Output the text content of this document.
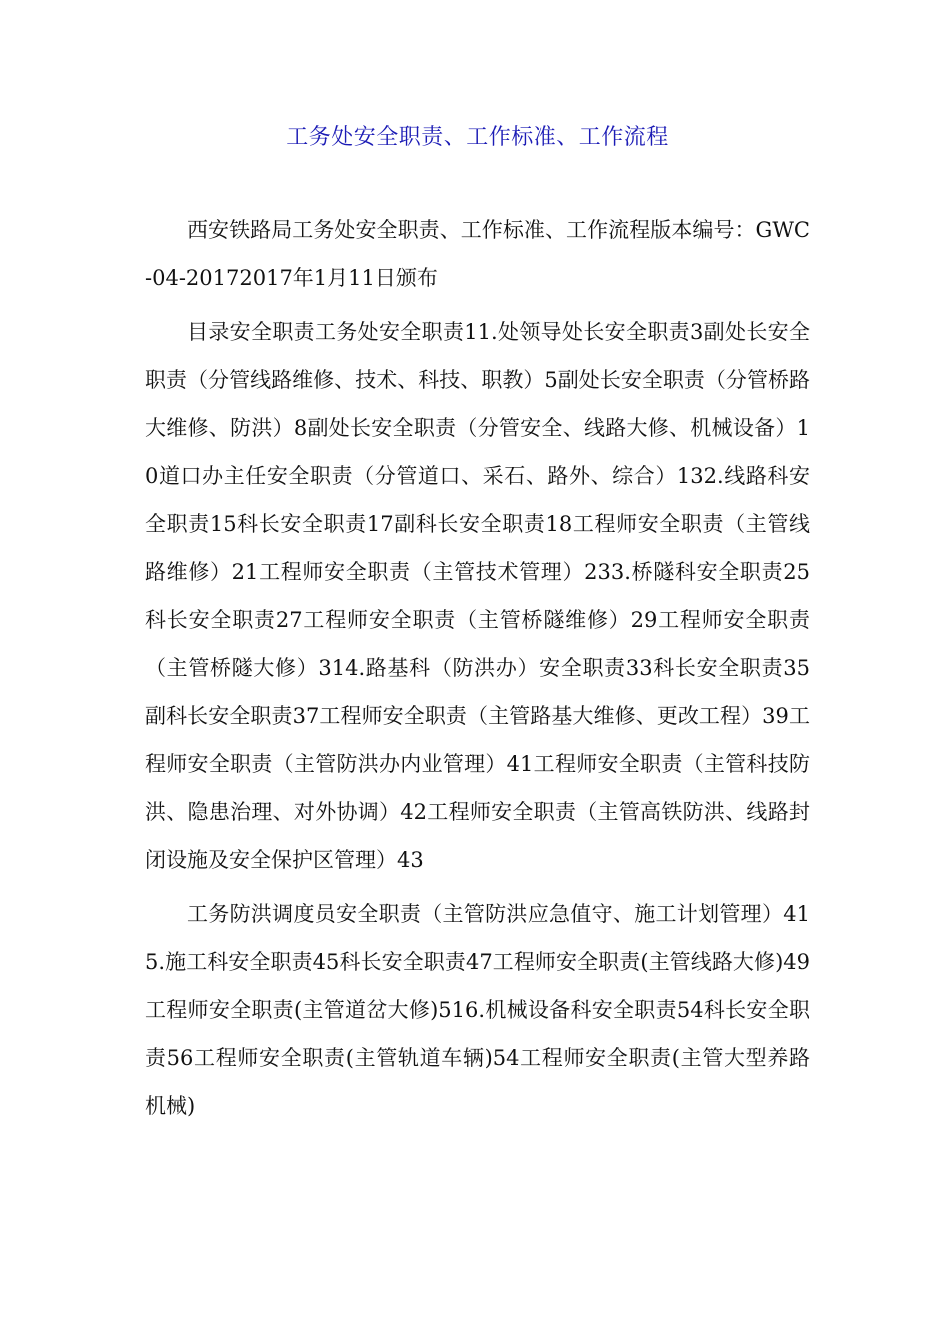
工务处安全职责、工作标准、工作流程

西安铁路局工务处安全职责、工作标准、工作流程版本编号：GWC-04-20172017年1月11日颁布

目录安全职责工务处安全职责11.处领导处长安全职责3副处长安全职责（分管线路维修、技术、科技、职教）5副处长安全职责（分管桥路大维修、防洪）8副处长安全职责（分管安全、线路大修、机械设备）10道口办主任安全职责（分管道口、采石、路外、综合）132.线路科安全职责15科长安全职责17副科长安全职责18工程师安全职责（主管线路维修）21工程师安全职责（主管技术管理）233.桥隧科安全职责25科长安全职责27工程师安全职责（主管桥隧维修）29工程师安全职责（主管桥隧大修）314.路基科（防洪办）安全职责33科长安全职责35副科长安全职责37工程师安全职责（主管路基大维修、更改工程）39工程师安全职责（主管防洪办内业管理）41工程师安全职责（主管科技防洪、隐患治理、对外协调）42工程师安全职责（主管高铁防洪、线路封闭设施及安全保护区管理）43

工务防洪调度员安全职责（主管防洪应急值守、施工计划管理）415.施工科安全职责45科长安全职责47工程师安全职责(主管线路大修)49工程师安全职责(主管道岔大修)516.机械设备科安全职责54科长安全职责56工程师安全职责(主管轨道车辆)54工程师安全职责(主管大型养路机械)
